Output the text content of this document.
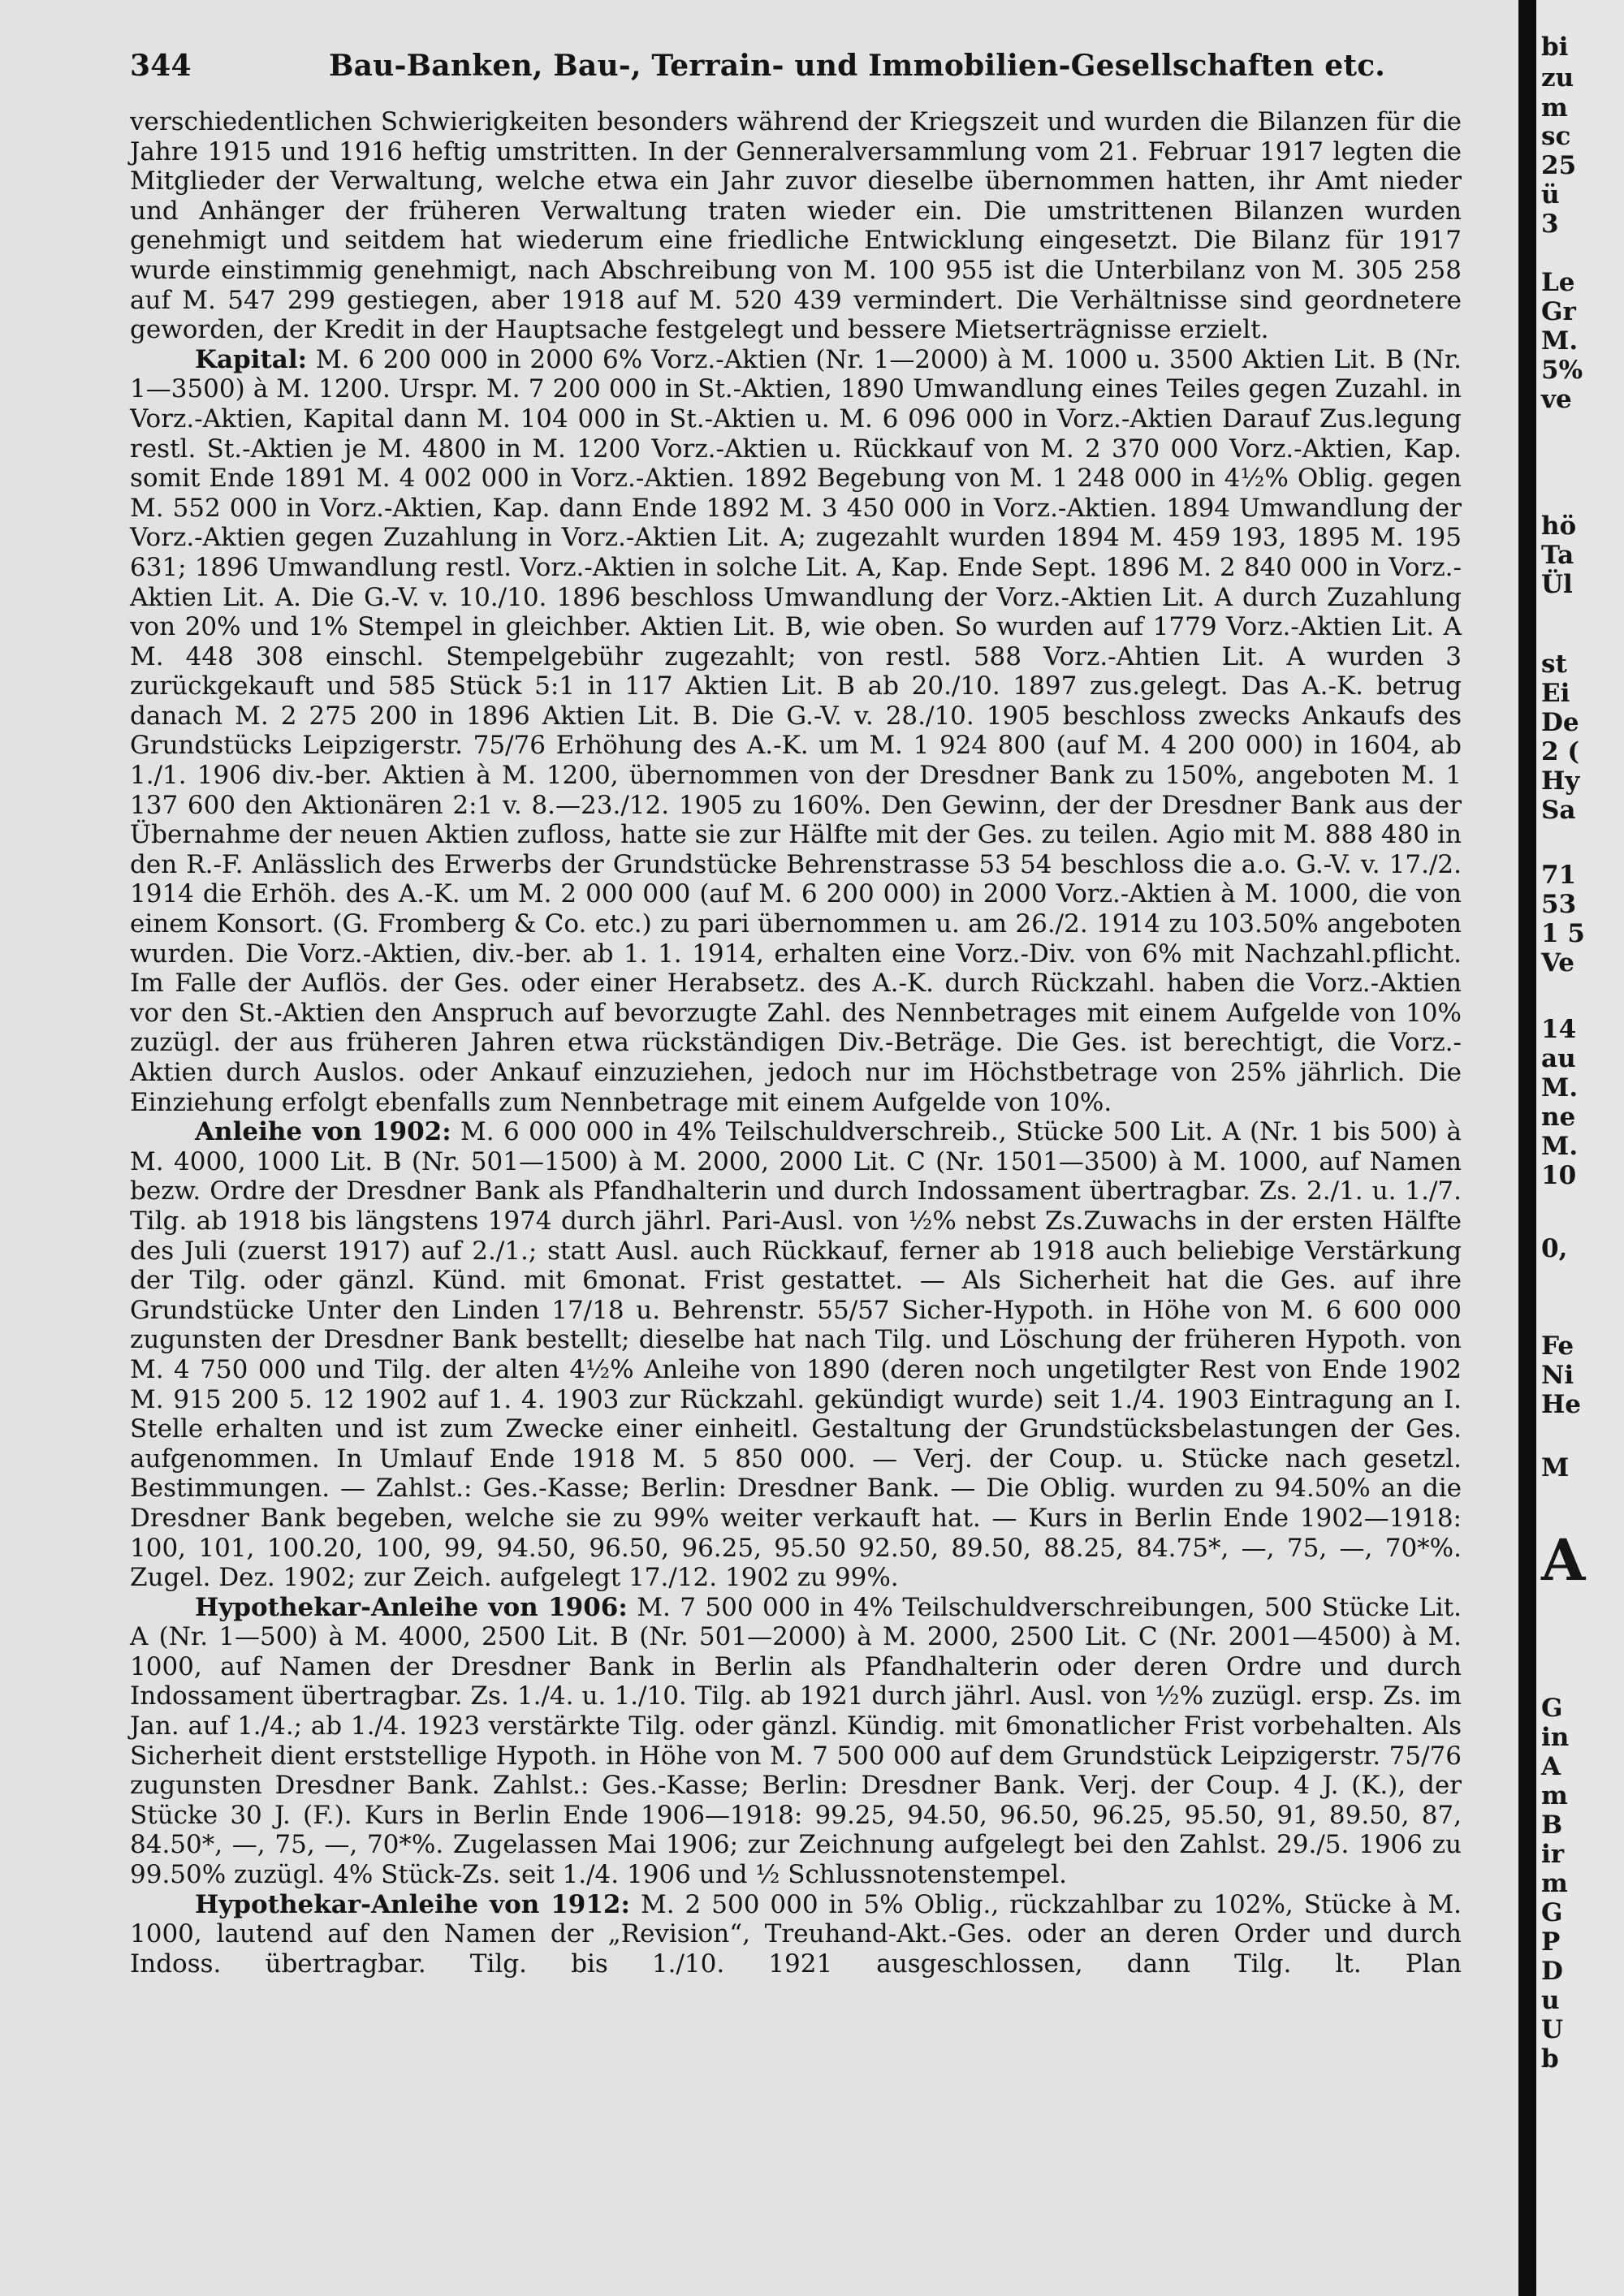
344	Bau-Banken, Bau-, Terrain- und Immobilien-Gesellschaften etc.

verschiedentlichen Schwierigkeiten besonders während der Kriegszeit und wurden die Bilanzen für die Jahre 1915 und 1916 heftig umstritten. In der Genneralversammlung vom 21. Februar 1917 legten die Mitglieder der Verwaltung, welche etwa ein Jahr zuvor dieselbe übernommen hatten, ihr Amt nieder und Anhänger der früheren Verwaltung traten wieder ein. Die umstrittenen Bilanzen wurden genehmigt und seitdem hat wiederum eine friedliche Entwicklung eingesetzt. Die Bilanz für 1917 wurde einstimmig genehmigt, nach Abschreibung von M. 100 955 ist die Unterbilanz von M. 305 258 auf M. 547 299 gestiegen, aber 1918 auf M. 520 439 vermindert. Die Verhältnisse sind geordnetere geworden, der Kredit in der Hauptsache festgelegt und bessere Mietserträgnisse erzielt.

Kapital: M. 6 200 000 in 2000 6% Vorz.-Aktien (Nr. 1—2000) à M. 1000 u. 3500 Aktien Lit. B (Nr. 1—3500) à M. 1200. Urspr. M. 7 200 000 in St.-Aktien, 1890 Umwandlung eines Teiles gegen Zuzahl. in Vorz.-Aktien, Kapital dann M. 104 000 in St.-Aktien u. M. 6 096 000 in Vorz.-Aktien Darauf Zus.legung restl. St.-Aktien je M. 4800 in M. 1200 Vorz.-Aktien u. Rückkauf von M. 2 370 000 Vorz.-Aktien, Kap. somit Ende 1891 M. 4 002 000 in Vorz.-Aktien. 1892 Begebung von M. 1 248 000 in 4½% Oblig. gegen M. 552 000 in Vorz.-Aktien, Kap. dann Ende 1892 M. 3 450 000 in Vorz.-Aktien. 1894 Umwandlung der Vorz.-Aktien gegen Zuzahlung in Vorz.-Aktien Lit. A; zugezahlt wurden 1894 M. 459 193, 1895 M. 195 631; 1896 Umwandlung restl. Vorz.-Aktien in solche Lit. A, Kap. Ende Sept. 1896 M. 2 840 000 in Vorz.-Aktien Lit. A. Die G.-V. v. 10./10. 1896 beschloss Umwandlung der Vorz.-Aktien Lit. A durch Zuzahlung von 20% und 1% Stempel in gleichber. Aktien Lit. B, wie oben. So wurden auf 1779 Vorz.-Aktien Lit. A M. 448 308 einschl. Stempelgebühr zugezahlt; von restl. 588 Vorz.-Ahtien Lit. A wurden 3 zurückgekauft und 585 Stück 5:1 in 117 Aktien Lit. B ab 20./10. 1897 zus.gelegt. Das A.-K. betrug danach M. 2 275 200 in 1896 Aktien Lit. B. Die G.-V. v. 28./10. 1905 beschloss zwecks Ankaufs des Grundstücks Leipzigerstr. 75/76 Erhöhung des A.-K. um M. 1 924 800 (auf M. 4 200 000) in 1604, ab 1./1. 1906 div.-ber. Aktien à M. 1200, übernommen von der Dresdner Bank zu 150%, angeboten M. 1 137 600 den Aktionären 2:1 v. 8.—23./12. 1905 zu 160%. Den Gewinn, der der Dresdner Bank aus der Übernahme der neuen Aktien zufloss, hatte sie zur Hälfte mit der Ges. zu teilen. Agio mit M. 888 480 in den R.-F. Anlässlich des Erwerbs der Grundstücke Behrenstrasse 53 54 beschloss die a.o. G.-V. v. 17./2. 1914 die Erhöh. des A.-K. um M. 2 000 000 (auf M. 6 200 000) in 2000 Vorz.-Aktien à M. 1000, die von einem Konsort. (G. Fromberg & Co. etc.) zu pari übernommen u. am 26./2. 1914 zu 103.50% angeboten wurden. Die Vorz.-Aktien, div.-ber. ab 1. 1. 1914, erhalten eine Vorz.-Div. von 6% mit Nachzahl.pflicht. Im Falle der Auflös. der Ges. oder einer Herabsetz. des A.-K. durch Rückzahl. haben die Vorz.-Aktien vor den St.-Aktien den Anspruch auf bevorzugte Zahl. des Nennbetrages mit einem Aufgelde von 10% zuzügl. der aus früheren Jahren etwa rückständigen Div.-Beträge. Die Ges. ist berechtigt, die Vorz.-Aktien durch Auslos. oder Ankauf einzuziehen, jedoch nur im Höchstbetrage von 25% jährlich. Die Einziehung erfolgt ebenfalls zum Nennbetrage mit einem Aufgelde von 10%.

Anleihe von 1902: M. 6 000 000 in 4% Teilschuldverschreib., Stücke 500 Lit. A (Nr. 1 bis 500) à M. 4000, 1000 Lit. B (Nr. 501—1500) à M. 2000, 2000 Lit. C (Nr. 1501—3500) à M. 1000, auf Namen bezw. Ordre der Dresdner Bank als Pfandhalterin und durch Indossament übertragbar. Zs. 2./1. u. 1./7. Tilg. ab 1918 bis längstens 1974 durch jährl. Pari-Ausl. von ½% nebst Zs.Zuwachs in der ersten Hälfte des Juli (zuerst 1917) auf 2./1.; statt Ausl. auch Rückkauf, ferner ab 1918 auch beliebige Verstärkung der Tilg. oder gänzl. Künd. mit 6monat. Frist gestattet. — Als Sicherheit hat die Ges. auf ihre Grundstücke Unter den Linden 17/18 u. Behrenstr. 55/57 Sicher-Hypoth. in Höhe von M. 6 600 000 zugunsten der Dresdner Bank bestellt; dieselbe hat nach Tilg. und Löschung der früheren Hypoth. von M. 4 750 000 und Tilg. der alten 4½% Anleihe von 1890 (deren noch ungetilgter Rest von Ende 1902 M. 915 200 5. 12 1902 auf 1. 4. 1903 zur Rückzahl. gekündigt wurde) seit 1./4. 1903 Eintragung an I. Stelle erhalten und ist zum Zwecke einer einheitl. Gestaltung der Grundstücksbelastungen der Ges. aufgenommen. In Umlauf Ende 1918 M. 5 850 000. — Verj. der Coup. u. Stücke nach gesetzl. Bestimmungen. — Zahlst.: Ges.-Kasse; Berlin: Dresdner Bank. — Die Oblig. wurden zu 94.50% an die Dresdner Bank begeben, welche sie zu 99% weiter verkauft hat. — Kurs in Berlin Ende 1902—1918: 100, 101, 100.20, 100, 99, 94.50, 96.50, 96.25, 95.50 92.50, 89.50, 88.25, 84.75*, —, 75, —, 70*%. Zugel. Dez. 1902; zur Zeich. aufgelegt 17./12. 1902 zu 99%.

Hypothekar-Anleihe von 1906: M. 7 500 000 in 4% Teilschuldverschreibungen, 500 Stücke Lit. A (Nr. 1—500) à M. 4000, 2500 Lit. B (Nr. 501—2000) à M. 2000, 2500 Lit. C (Nr. 2001—4500) à M. 1000, auf Namen der Dresdner Bank in Berlin als Pfandhalterin oder deren Ordre und durch Indossament übertragbar. Zs. 1./4. u. 1./10. Tilg. ab 1921 durch jährl. Ausl. von ½% zuzügl. ersp. Zs. im Jan. auf 1./4.; ab 1./4. 1923 verstärkte Tilg. oder gänzl. Kündig. mit 6monatlicher Frist vorbehalten. Als Sicherheit dient erststellige Hypoth. in Höhe von M. 7 500 000 auf dem Grundstück Leipzigerstr. 75/76 zugunsten Dresdner Bank. Zahlst.: Ges.-Kasse; Berlin: Dresdner Bank. Verj. der Coup. 4 J. (K.), der Stücke 30 J. (F.). Kurs in Berlin Ende 1906—1918: 99.25, 94.50, 96.50, 96.25, 95.50, 91, 89.50, 87, 84.50*, —, 75, —, 70*%. Zugelassen Mai 1906; zur Zeichnung aufgelegt bei den Zahlst. 29./5. 1906 zu 99.50% zuzügl. 4% Stück-Zs. seit 1./4. 1906 und ½ Schlussnotenstempel.

Hypothekar-Anleihe von 1912: M. 2 500 000 in 5% Oblig., rückzahlbar zu 102%, Stücke à M. 1000, lautend auf den Namen der „Revision“, Treuhand-Akt.-Ges. oder an deren Order und durch Indoss. übertragbar. Tilg. bis 1./10. 1921 ausgeschlossen, dann Tilg. lt. Plan

bi
zu
m
sc
25
ü
3
Le
Gr
M.
5%
ve
hö
Ta
Ül
st
Ei
De
2 (
Hy
Sa
71
53
1 5
Ve
14
au
M.
ne
M.
10
0,
Fe
Ni
He
M
A
G
in
A
m
B
ir
m
G
P
D
u
U
b
